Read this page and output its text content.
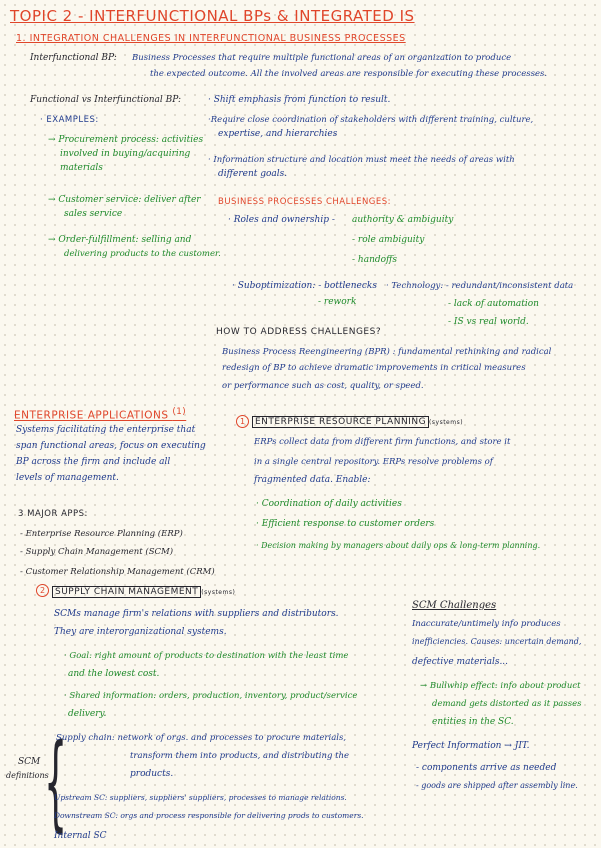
TOPIC 2 - INTERFUNCTIONAL BPs & INTEGRATED IS
1. INTEGRATION CHALLENGES IN INTERFUNCTIONAL BUSINESS PROCESSES
Interfunctional BP: Business Processes that require multiple functional areas of an organization to produce
the expected outcome. All the involved areas are responsible for executing these processes.
Functional vs Interfunctional BP:	· Shift emphasis from function to result.
· EXAMPLES:
→ Procurement process: activities
involved in buying/acquiring
materials
→ Customer service: deliver after
sales service
→ Order-fulfillment: selling and
delivering products to the customer.
·Require close coordination of stakeholders with different training, culture,
expertise, and hierarchies
· Information structure and location must meet the needs of areas with
different goals.
BUSINESS PROCESSES CHALLENGES:
· Roles and ownership - authority & ambiguity
- role ambiguity
- handoffs
· Suboptimization: - bottlenecks
- rework
· Technology: - redundant/inconsistent data
- lack of automation
- IS vs real world.
HOW TO ADDRESS CHALLENGES?
Business Process Reengineering (BPR) : fundamental rethinking and radical
redesign of BP to achieve dramatic improvements in critical measures
or performance such as cost, quality, or speed.
ENTERPRISE APPLICATIONS $^{(1)}$
Systems facilitating the enterprise that
span functional areas, focus on executing
BP across the firm and include all
levels of management.
3 MAJOR APPS:
- Enterprise Resource Planning (ERP)
- Supply Chain Management (SCM)
- Customer Relationship Management (CRM)
1	ENTERPRISE RESOURCE PLANNING (systems)
ERPs collect data from different firm functions, and store it
in a single central repository. ERPs resolve problems of
fragmented data. Enable:
· Coordination of daily activities
· Efficient response to customer orders
· Decision making by managers about daily ops & long-term planning.
2	SUPPLY CHAIN MANAGEMENT (systems)
SCMs manage firm's relations with suppliers and distributors.
They are interorganizational systems.
· Goal: right amount of products to destination with the least time
and the lowest cost.
· Shared information: orders, production, inventory, product/service
delivery.
SCM
definitions
{
Supply chain: network of orgs. and processes to procure materials,
transform them into products, and distributing the
products.
Upstream SC: suppliers, suppliers' suppliers, processes to manage relations.
Downstream SC: orgs and process responsible for delivering prods to customers.
Internal SC
SCM Challenges
Inaccurate/untimely info produces
inefficiencies. Causes: uncertain demand,
defective materials...
→ Bullwhip effect: info about product
demand gets distorted as it passes
entities in the SC.
Perfect Information → JIT.
- components arrive as needed
- goods are shipped after assembly line.
